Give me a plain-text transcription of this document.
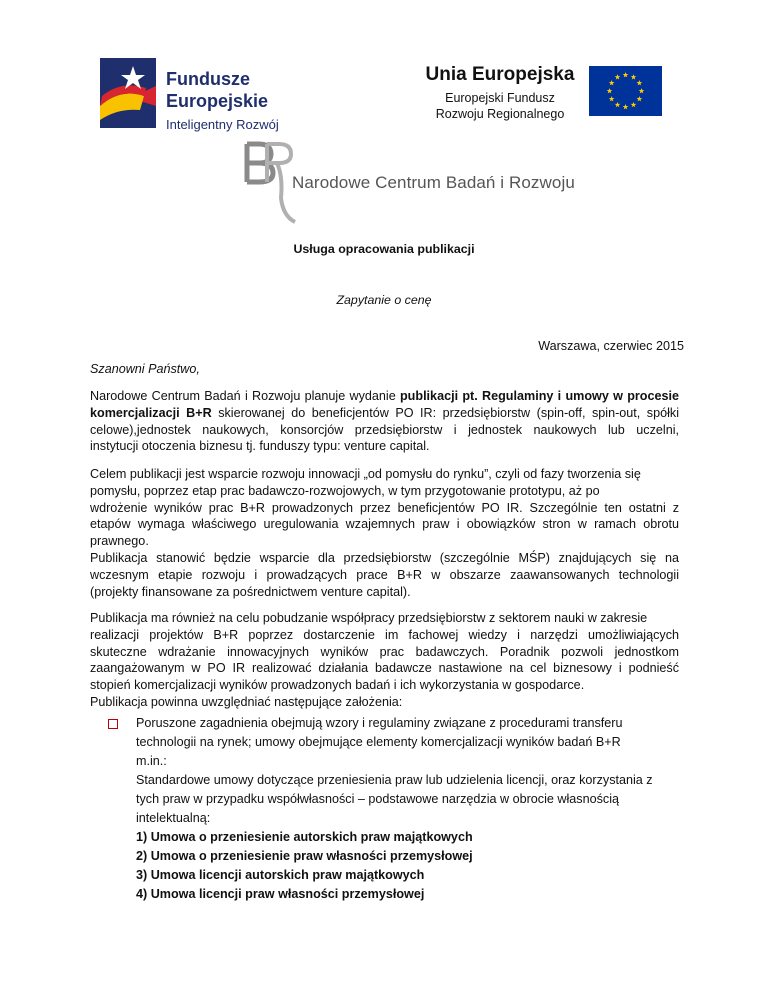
Fundusze
Europejskie
Inteligentny Rozwój
Unia Europejska
Europejski Fundusz
Rozwoju Regionalnego
Narodowe Centrum Badań i Rozwoju
Usługa opracowania publikacji
Zapytanie o cenę
Warszawa, czerwiec 2015
Szanowni Państwo,
Narodowe Centrum Badań i Rozwoju planuje wydanie publikacji pt. Regulaminy i umowy w procesie
komercjalizacji B+R skierowanej do beneficjentów PO IR: przedsiębiorstw (spin-off, spin-out, spółki
celowe),jednostek naukowych, konsorcjów przedsiębiorstw i jednostek naukowych lub uczelni,
instytucji otoczenia biznesu tj. funduszy typu: venture capital.
Celem publikacji jest wsparcie rozwoju innowacji „od pomysłu do rynku”, czyli od fazy tworzenia się
pomysłu, poprzez etap prac badawczo-rozwojowych, w tym przygotowanie prototypu, aż po
wdrożenie wyników prac B+R prowadzonych przez beneficjentów PO IR. Szczególnie ten ostatni z
etapów wymaga właściwego uregulowania wzajemnych praw i obowiązków stron w ramach obrotu
prawnego.
Publikacja stanowić będzie wsparcie dla przedsiębiorstw (szczególnie MŚP) znajdujących się na
wczesnym etapie rozwoju i prowadzących prace B+R w obszarze zaawansowanych technologii
(projekty finansowane za pośrednictwem venture capital).
Publikacja ma również na celu pobudzanie współpracy przedsiębiorstw z sektorem nauki w zakresie
realizacji projektów B+R poprzez dostarczenie im fachowej wiedzy i narzędzi umożliwiających
skuteczne wdrażanie innowacyjnych wyników prac badawczych. Poradnik pozwoli jednostkom
zaangażowanym w PO IR realizować działania badawcze nastawione na cel biznesowy i podnieść
stopień komercjalizacji wyników prowadzonych badań i ich wykorzystania w gospodarce.
Publikacja powinna uwzględniać następujące założenia:
Poruszone zagadnienia obejmują wzory i regulaminy związane z procedurami transferu
technologii na rynek; umowy obejmujące elementy komercjalizacji wyników badań B+R
m.in.:
Standardowe umowy dotyczące przeniesienia praw lub udzielenia licencji, oraz korzystania z
tych praw w przypadku współwłasności – podstawowe narzędzia w obrocie własnością
intelektualną:
1) Umowa o przeniesienie autorskich praw majątkowych
2) Umowa o przeniesienie praw własności przemysłowej
3) Umowa licencji autorskich praw majątkowych
4) Umowa licencji praw własności przemysłowej
